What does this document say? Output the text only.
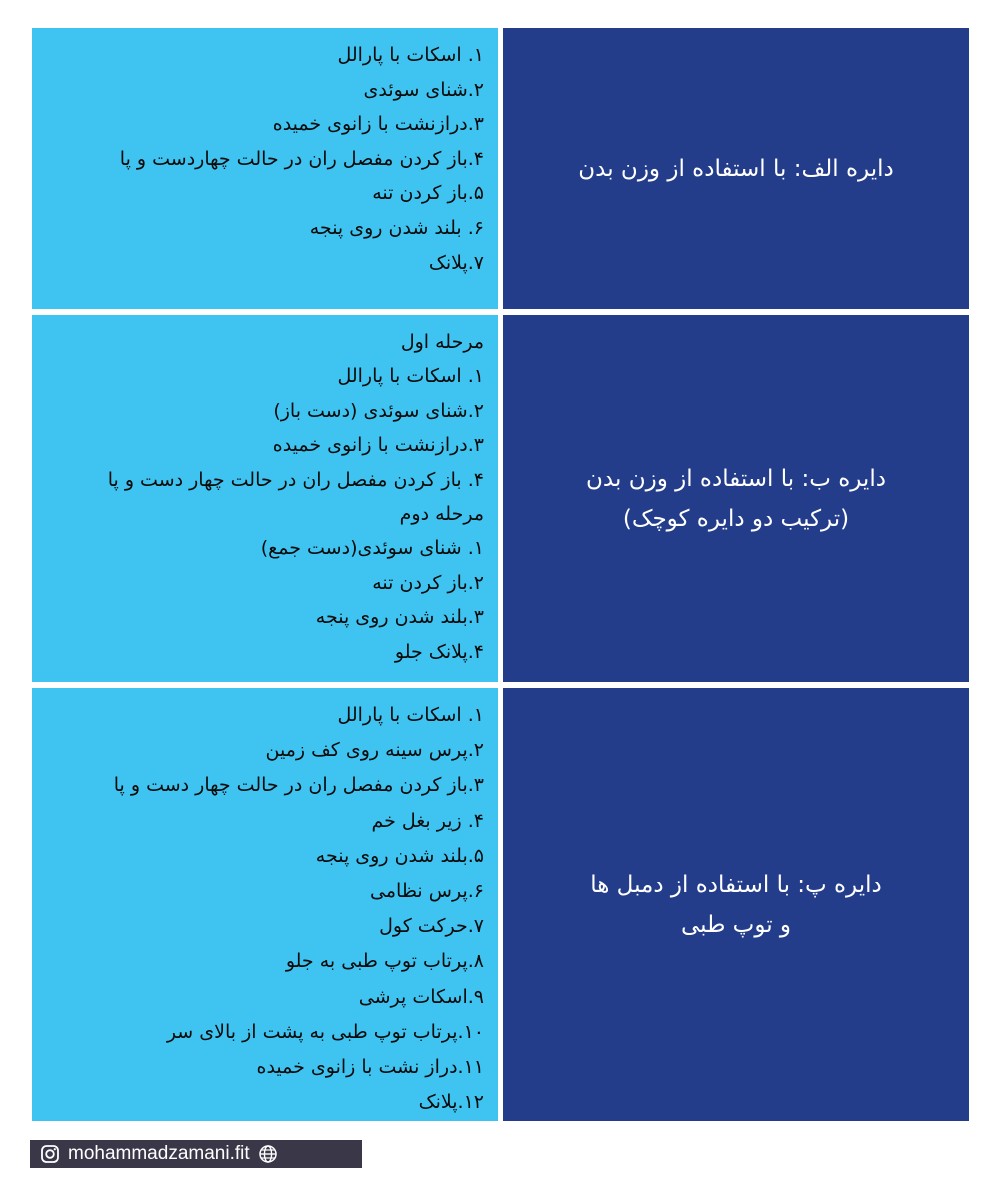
۱. اسکات با پارالل
۲.شنای سوئدی
۳.درازنشت با زانوی خمیده
۴.باز کردن مفصل ران در حالت چهاردست و پا
۵.باز کردن تنه
۶. بلند شدن روی پنجه
۷.پلانک
دایره الف: با استفاده از وزن بدن
مرحله اول
۱. اسکات با پارالل
۲.شنای سوئدی (دست باز)
۳.درازنشت با زانوی خمیده
۴. باز کردن مفصل ران در حالت چهار دست و پا
مرحله دوم
۱. شنای سوئدی(دست جمع)
۲.باز کردن تنه
۳.بلند شدن روی پنجه
۴.پلانک جلو
دایره ب: با استفاده از وزن بدن
(ترکیب دو دایره کوچک)
۱. اسکات با پارالل
۲.پرس سینه روی کف زمین
۳.باز کردن مفصل ران در حالت چهار دست و پا
۴. زیر بغل خم
۵.بلند شدن روی پنجه
۶.پرس نظامی
۷.حرکت کول
۸.پرتاب توپ طبی به جلو
۹.اسکات پرشی
۱۰.پرتاب توپ طبی به پشت از بالای سر
۱۱.دراز نشت با زانوی خمیده
۱۲.پلانک
دایره پ: با استفاده از دمبل ها
و توپ طبی
mohammadzamani.fit
